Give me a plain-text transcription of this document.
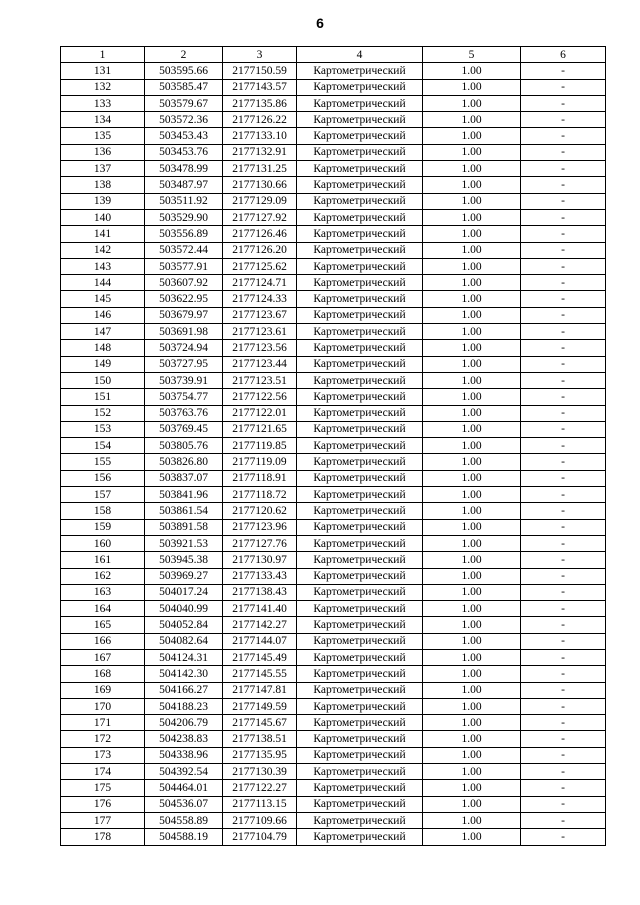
6
1	2	3	4	5	6
131	503595.66	2177150.59	Картометрический	1.00	-
132	503585.47	2177143.57	Картометрический	1.00	-
133	503579.67	2177135.86	Картометрический	1.00	-
134	503572.36	2177126.22	Картометрический	1.00	-
135	503453.43	2177133.10	Картометрический	1.00	-
136	503453.76	2177132.91	Картометрический	1.00	-
137	503478.99	2177131.25	Картометрический	1.00	-
138	503487.97	2177130.66	Картометрический	1.00	-
139	503511.92	2177129.09	Картометрический	1.00	-
140	503529.90	2177127.92	Картометрический	1.00	-
141	503556.89	2177126.46	Картометрический	1.00	-
142	503572.44	2177126.20	Картометрический	1.00	-
143	503577.91	2177125.62	Картометрический	1.00	-
144	503607.92	2177124.71	Картометрический	1.00	-
145	503622.95	2177124.33	Картометрический	1.00	-
146	503679.97	2177123.67	Картометрический	1.00	-
147	503691.98	2177123.61	Картометрический	1.00	-
148	503724.94	2177123.56	Картометрический	1.00	-
149	503727.95	2177123.44	Картометрический	1.00	-
150	503739.91	2177123.51	Картометрический	1.00	-
151	503754.77	2177122.56	Картометрический	1.00	-
152	503763.76	2177122.01	Картометрический	1.00	-
153	503769.45	2177121.65	Картометрический	1.00	-
154	503805.76	2177119.85	Картометрический	1.00	-
155	503826.80	2177119.09	Картометрический	1.00	-
156	503837.07	2177118.91	Картометрический	1.00	-
157	503841.96	2177118.72	Картометрический	1.00	-
158	503861.54	2177120.62	Картометрический	1.00	-
159	503891.58	2177123.96	Картометрический	1.00	-
160	503921.53	2177127.76	Картометрический	1.00	-
161	503945.38	2177130.97	Картометрический	1.00	-
162	503969.27	2177133.43	Картометрический	1.00	-
163	504017.24	2177138.43	Картометрический	1.00	-
164	504040.99	2177141.40	Картометрический	1.00	-
165	504052.84	2177142.27	Картометрический	1.00	-
166	504082.64	2177144.07	Картометрический	1.00	-
167	504124.31	2177145.49	Картометрический	1.00	-
168	504142.30	2177145.55	Картометрический	1.00	-
169	504166.27	2177147.81	Картометрический	1.00	-
170	504188.23	2177149.59	Картометрический	1.00	-
171	504206.79	2177145.67	Картометрический	1.00	-
172	504238.83	2177138.51	Картометрический	1.00	-
173	504338.96	2177135.95	Картометрический	1.00	-
174	504392.54	2177130.39	Картометрический	1.00	-
175	504464.01	2177122.27	Картометрический	1.00	-
176	504536.07	2177113.15	Картометрический	1.00	-
177	504558.89	2177109.66	Картометрический	1.00	-
178	504588.19	2177104.79	Картометрический	1.00	-
